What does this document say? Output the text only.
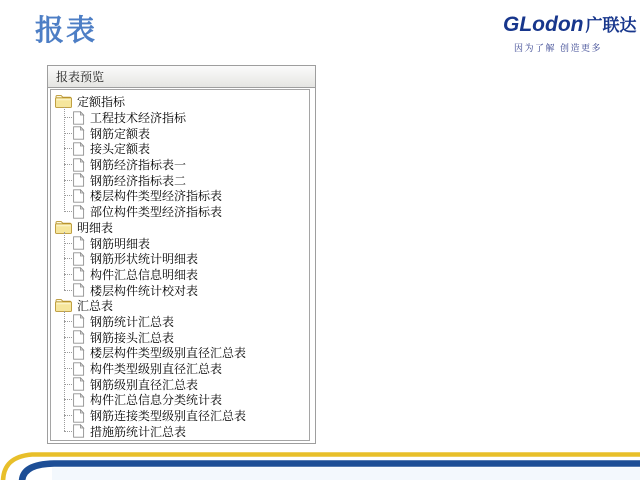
报表	GLodon 广联达
因为了解 创造更多
报表预览
定额指标
工程技术经济指标
钢筋定额表
接头定额表
钢筋经济指标表一
钢筋经济指标表二
楼层构件类型经济指标表
部位构件类型经济指标表
明细表
钢筋明细表
钢筋形状统计明细表
构件汇总信息明细表
楼层构件统计校对表
汇总表
钢筋统计汇总表
钢筋接头汇总表
楼层构件类型级别直径汇总表
构件类型级别直径汇总表
钢筋级别直径汇总表
构件汇总信息分类统计表
钢筋连接类型级别直径汇总表
措施筋统计汇总表
